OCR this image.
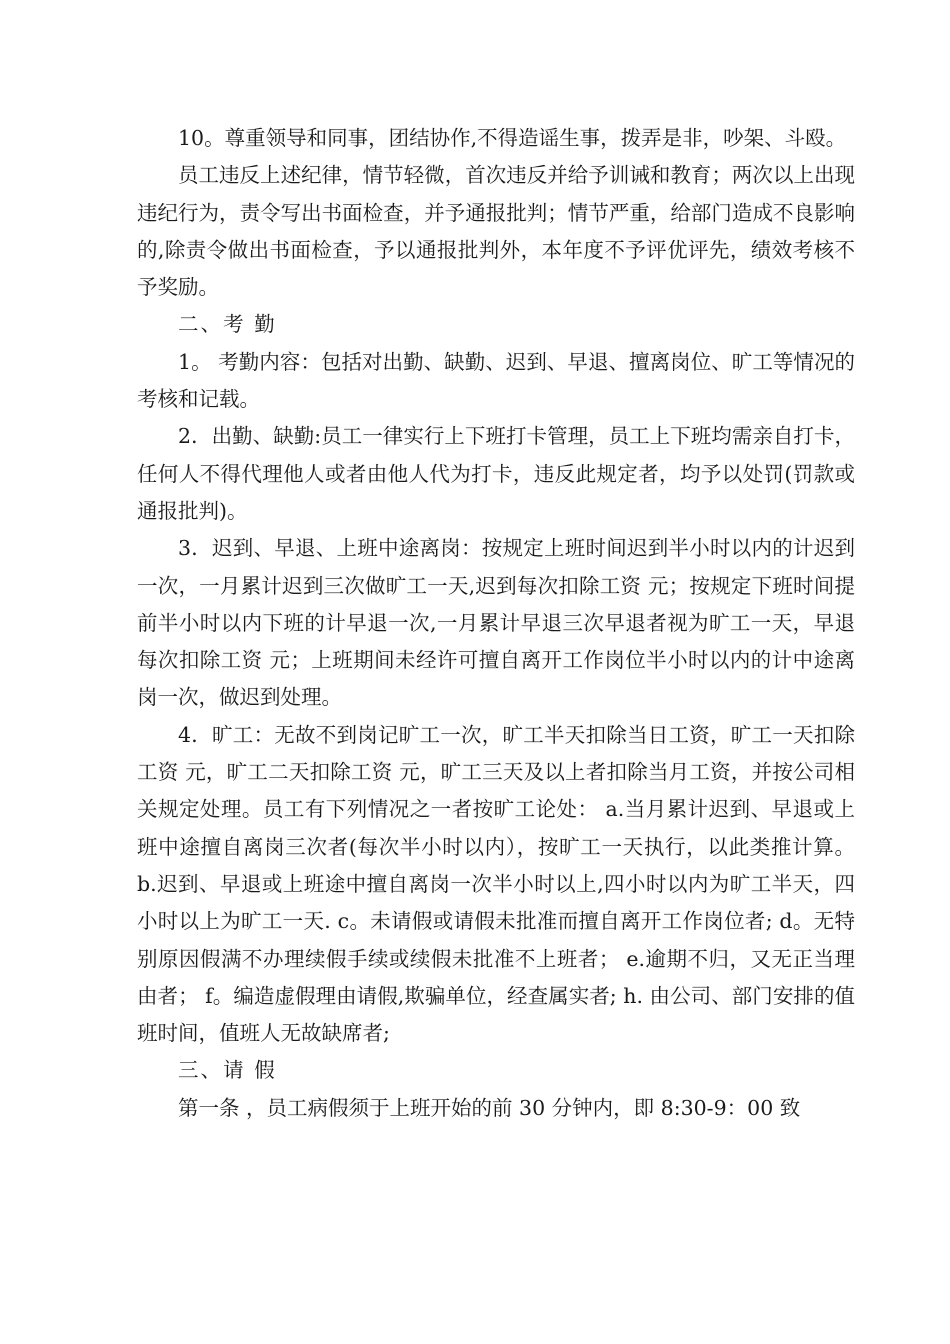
10。尊重领导和同事，团结协作,不得造谣生事，拨弄是非，吵架、斗殴。

员工违反上述纪律，情节轻微，首次违反并给予训诫和教育；两次以上出现违纪行为，责令写出书面检查，并予通报批判；情节严重，给部门造成不良影响的,除责令做出书面检查，予以通报批判外，本年度不予评优评先，绩效考核不予奖励。

二、考 勤

1。 考勤内容：包括对出勤、缺勤、迟到、早退、擅离岗位、旷工等情况的考核和记载。

2．出勤、缺勤:员工一律实行上下班打卡管理，员工上下班均需亲自打卡，任何人不得代理他人或者由他人代为打卡，违反此规定者，均予以处罚(罚款或通报批判)。

3．迟到、早退、上班中途离岗：按规定上班时间迟到半小时以内的计迟到一次，一月累计迟到三次做旷工一天,迟到每次扣除工资 元；按规定下班时间提前半小时以内下班的计早退一次,一月累计早退三次早退者视为旷工一天，早退每次扣除工资 元；上班期间未经许可擅自离开工作岗位半小时以内的计中途离岗一次，做迟到处理。

4．旷工：无故不到岗记旷工一次，旷工半天扣除当日工资，旷工一天扣除工资 元，旷工二天扣除工资 元，旷工三天及以上者扣除当月工资，并按公司相关规定处理。员工有下列情况之一者按旷工论处： a.当月累计迟到、早退或上班中途擅自离岗三次者(每次半小时以内），按旷工一天执行，以此类推计算。 b.迟到、早退或上班途中擅自离岗一次半小时以上,四小时以内为旷工半天，四小时以上为旷工一天. c。未请假或请假未批准而擅自离开工作岗位者; d。无特别原因假满不办理续假手续或续假未批准不上班者； e.逾期不归，又无正当理由者； f。编造虚假理由请假,欺骗单位，经查属实者; h. 由公司、部门安排的值班时间，值班人无故缺席者;

三、请 假

第一条 ，员工病假须于上班开始的前 30 分钟内，即 8:30-9：00 致
